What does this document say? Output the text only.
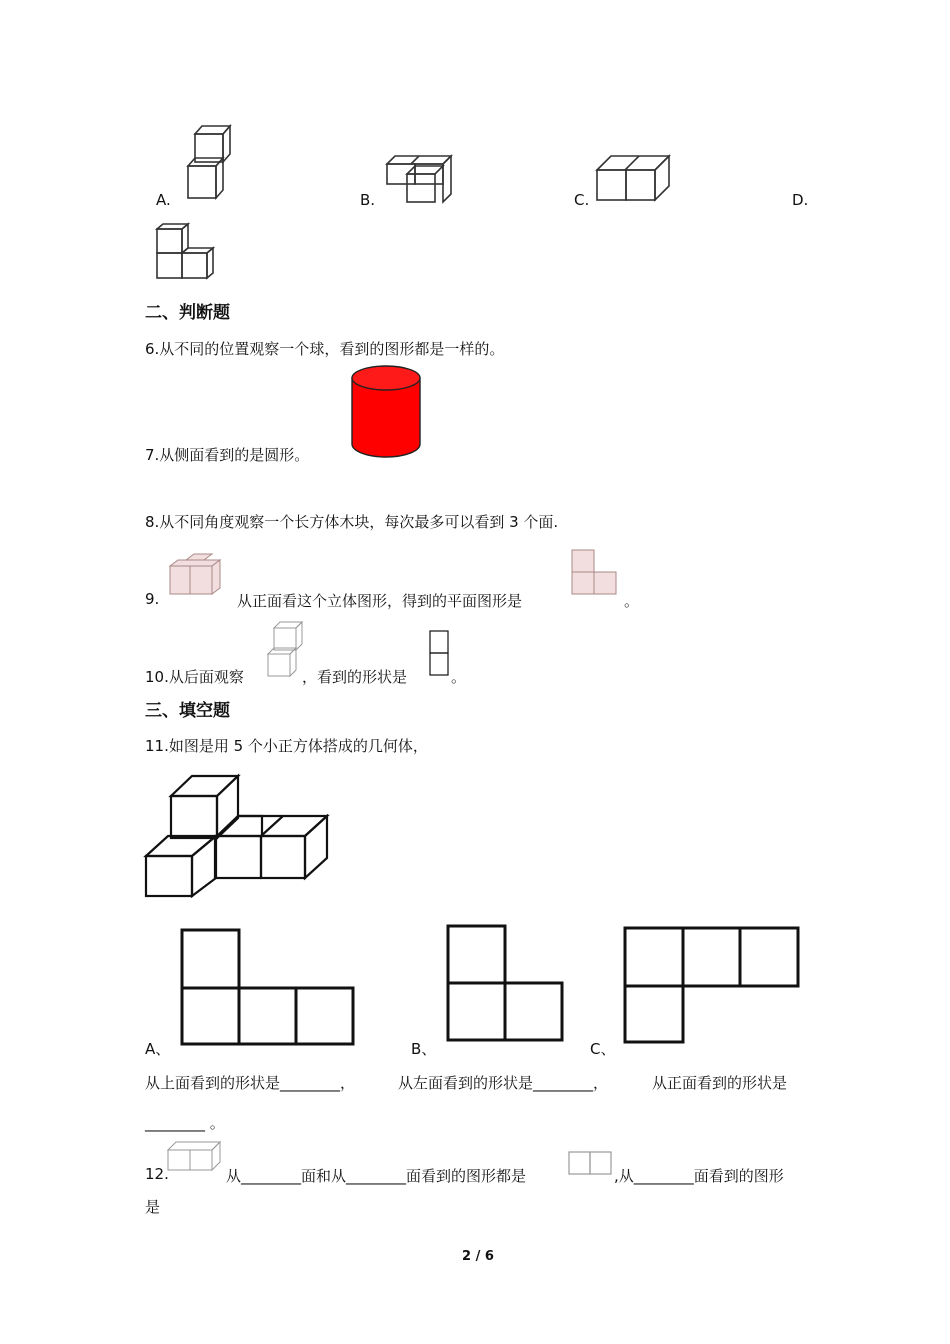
A.	B.	C.	D.
二、判断题
6.从不同的位置观察一个球，看到的图形都是一样的。
7.从侧面看到的是圆形。
8.从不同角度观察一个长方体木块，每次最多可以看到 3 个面.
9.	从正面看这个立体图形，得到的平面图形是	。
10.从后面观察	，看到的形状是	。
三、填空题
11.如图是用 5 个小正方体搭成的几何体，
A、	B、	C、
从上面看到的形状是________，	从左面看到的形状是________，	从正面看到的形状是
________ 。
12.	从________面和从________面看到的图形都是	,从________面看到的图形
是
2 / 6
